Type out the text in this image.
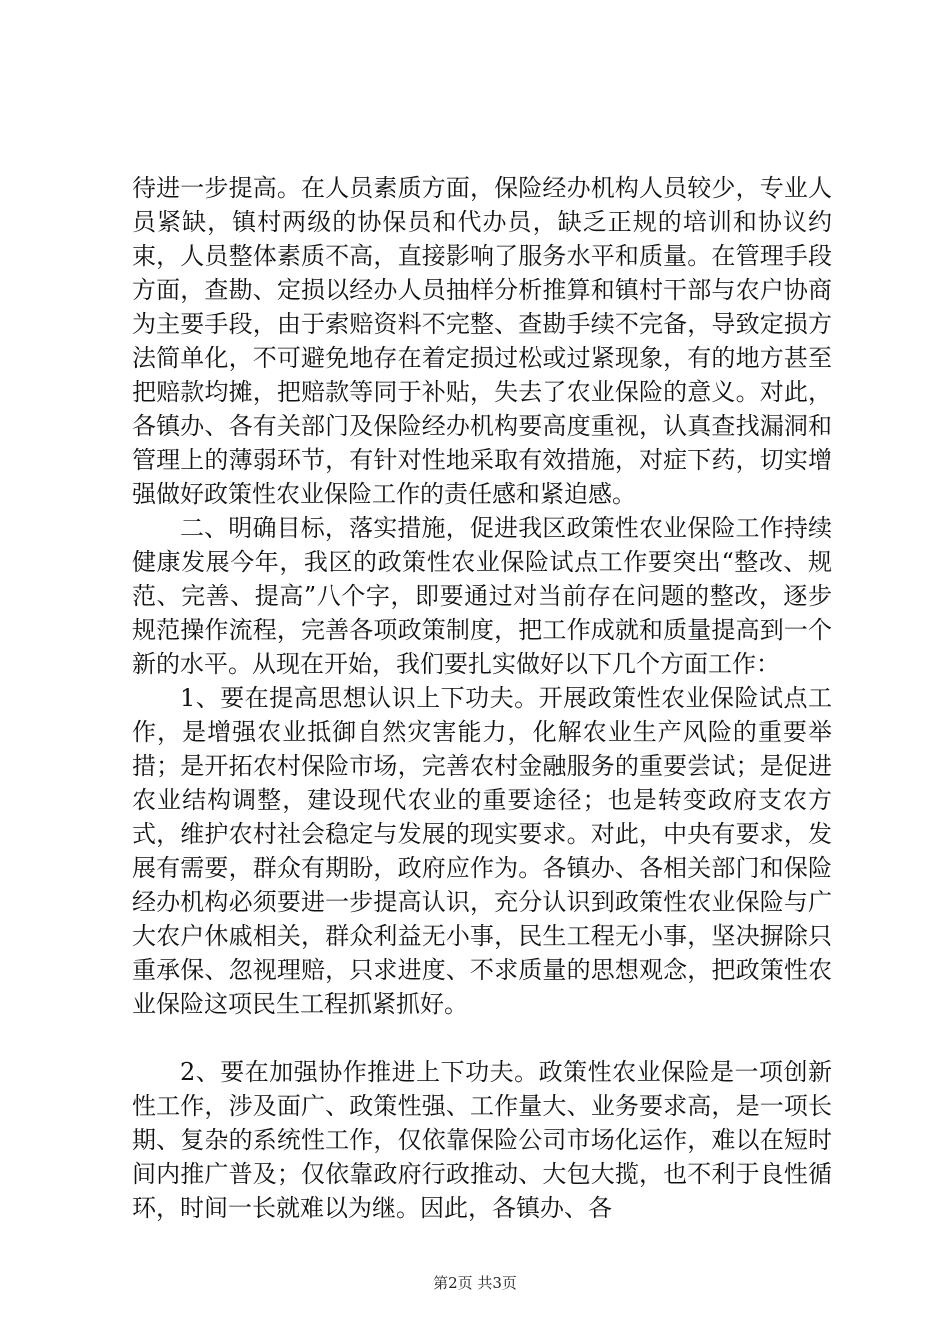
待进一步提高。在人员素质方面，保险经办机构人员较少，专业人员紧缺，镇村两级的协保员和代办员，缺乏正规的培训和协议约束，人员整体素质不高，直接影响了服务水平和质量。在管理手段方面，查勘、定损以经办人员抽样分析推算和镇村干部与农户协商为主要手段，由于索赔资料不完整、查勘手续不完备，导致定损方法简单化，不可避免地存在着定损过松或过紧现象，有的地方甚至把赔款均摊，把赔款等同于补贴，失去了农业保险的意义。对此，各镇办、各有关部门及保险经办机构要高度重视，认真查找漏洞和管理上的薄弱环节，有针对性地采取有效措施，对症下药，切实增强做好政策性农业保险工作的责任感和紧迫感。

二、明确目标，落实措施，促进我区政策性农业保险工作持续健康发展今年，我区的政策性农业保险试点工作要突出“整改、规范、完善、提高”八个字，即要通过对当前存在问题的整改，逐步规范操作流程，完善各项政策制度，把工作成就和质量提高到一个新的水平。从现在开始，我们要扎实做好以下几个方面工作：

1、要在提高思想认识上下功夫。开展政策性农业保险试点工作，是增强农业抵御自然灾害能力，化解农业生产风险的重要举措；是开拓农村保险市场，完善农村金融服务的重要尝试；是促进农业结构调整，建设现代农业的重要途径；也是转变政府支农方式，维护农村社会稳定与发展的现实要求。对此，中央有要求，发展有需要，群众有期盼，政府应作为。各镇办、各相关部门和保险经办机构必须要进一步提高认识，充分认识到政策性农业保险与广大农户休戚相关，群众利益无小事，民生工程无小事，坚决摒除只重承保、忽视理赔，只求进度、不求质量的思想观念，把政策性农业保险这项民生工程抓紧抓好。

2、要在加强协作推进上下功夫。政策性农业保险是一项创新性工作，涉及面广、政策性强、工作量大、业务要求高，是一项长期、复杂的系统性工作，仅依靠保险公司市场化运作，难以在短时间内推广普及；仅依靠政府行政推动、大包大揽，也不利于良性循环，时间一长就难以为继。因此，各镇办、各

第2页 共3页
